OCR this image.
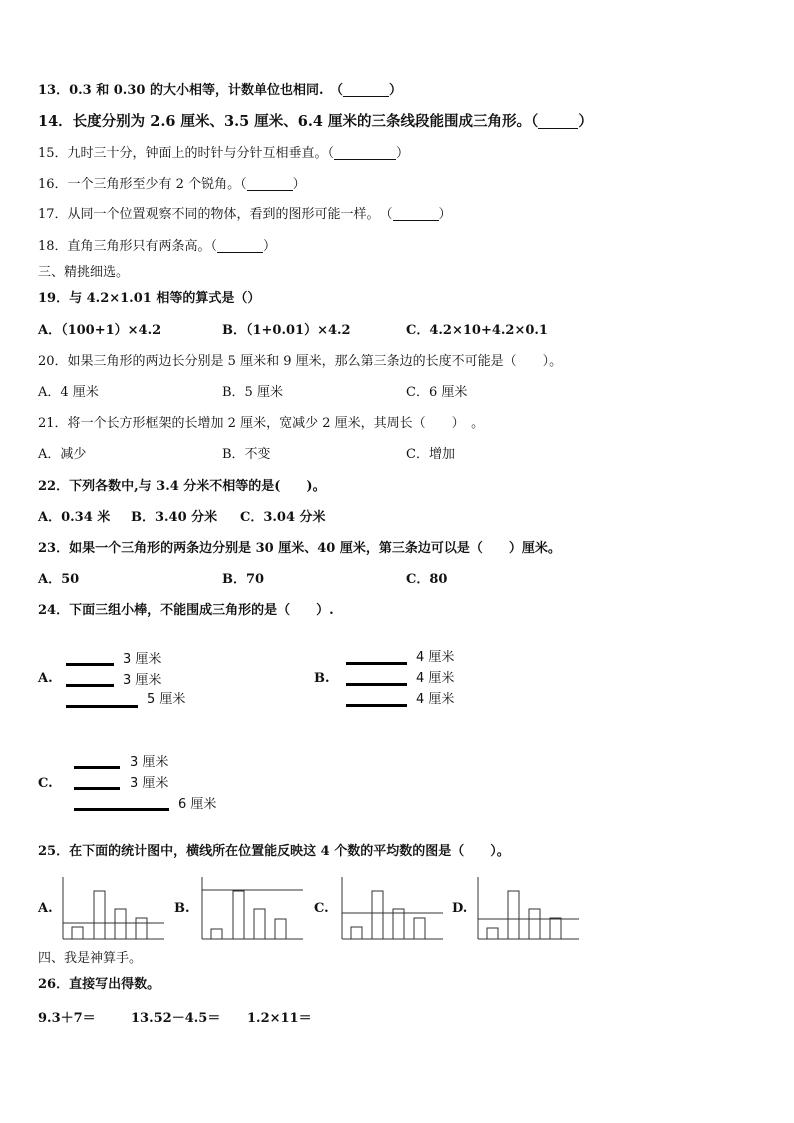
13．0.3 和 0.30 的大小相等，计数单位也相同.　（	）
14．长度分别为 2.6 厘米、3.5 厘米、6.4 厘米的三条线段能围成三角形。（	）
15．九时三十分，钟面上的时针与分针互相垂直。（	）
16．一个三角形至少有 2 个锐角。（	）
17．从同一个位置观察不同的物体，看到的图形可能一样。　（	）
18．直角三角形只有两条高。（	）
三、精挑细选。
19．与 4.2×1.01 相等的算式是（）
A．（100+1）×4.2	B．（1+0.01）×4.2	C．4.2×10+4.2×0.1
20．如果三角形的两边长分别是 5 厘米和 9 厘米，那么第三条边的长度不可能是（　　）。
A．4 厘米	B．5 厘米	C．6 厘米
21．将一个长方形框架的长增加 2 厘米，宽减少 2 厘米，其周长（　　）　。
A．减少	B．不变	C．增加
22．下列各数中,与 3.4 分米不相等的是(　　)。
A．0.34 米 B．3.40 分米 C．3.04 分米
23．如果一个三角形的两条边分别是 30 厘米、40 厘米，第三条边可以是（　　）厘米。
A．50	B．70	C．80
24．下面三组小棒，不能围成三角形的是（　　）.
A.
3 厘米
3 厘米
5 厘米
B.
4 厘米
4 厘米
4 厘米
C.
3 厘米
3 厘米
6 厘米
25．在下面的统计图中，横线所在位置能反映这 4 个数的平均数的图是（　　）。
A.	B.	C.	D.
四、我是神算手。
26．直接写出得数。
9.3＋7＝	13.52－4.5＝ 1.2×11＝
